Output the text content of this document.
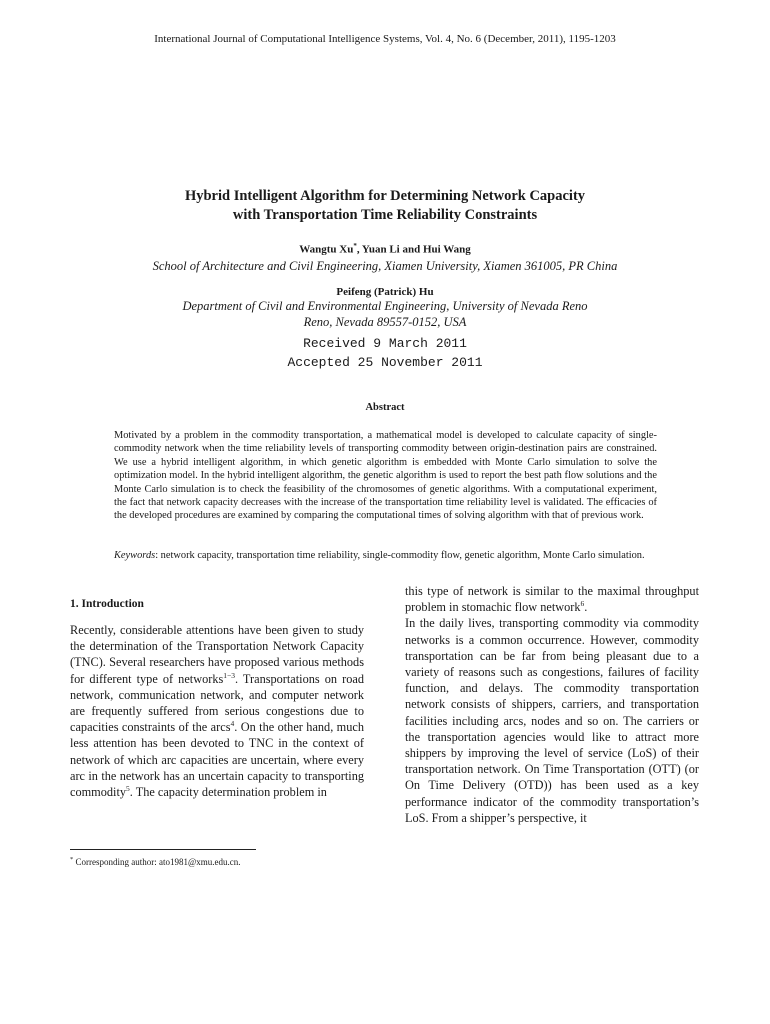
International Journal of Computational Intelligence Systems, Vol. 4, No. 6 (December, 2011), 1195-1203
Hybrid Intelligent Algorithm for Determining Network Capacity
with Transportation Time Reliability Constraints
Wangtu Xu*, Yuan Li and Hui Wang
School of Architecture and Civil Engineering, Xiamen University, Xiamen 361005, PR China
Peifeng (Patrick) Hu
Department of Civil and Environmental Engineering, University of Nevada Reno
Reno, Nevada 89557-0152, USA
Received 9 March 2011
Accepted 25 November 2011
Abstract

Motivated by a problem in the commodity transportation, a mathematical model is developed to calculate capacity of single-commodity network when the time reliability levels of transporting commodity between origin-destination pairs are constrained. We use a hybrid intelligent algorithm, in which genetic algorithm is embedded with Monte Carlo simulation to solve the optimization model. In the hybrid intelligent algorithm, the genetic algorithm is used to report the best path flow solutions and the Monte Carlo simulation is to check the feasibility of the chromosomes of genetic algorithms. With a computational experiment, the fact that network capacity decreases with the increase of the transportation time reliability level is validated. The efficacies of the developed procedures are examined by comparing the computational times of solving algorithm with that of previous work.

Keywords: network capacity, transportation time reliability, single-commodity flow, genetic algorithm, Monte Carlo simulation.

1. Introduction

Recently, considerable attentions have been given to study the determination of the Transportation Network Capacity (TNC). Several researchers have proposed various methods for different type of networks$^{1-3}$. Transportations on road network, communication network, and computer network are frequently suffered from serious congestions due to capacities constraints of the arcs$^4$. On the other hand, much less attention has been devoted to TNC in the context of network of which arc capacities are uncertain, where every arc in the network has an uncertain capacity to transporting commodity$^5$. The capacity determination problem in

this type of network is similar to the maximal throughput problem in stomachic flow network$^6$.

In the daily lives, transporting commodity via commodity networks is a common occurrence. However, commodity transportation can be far from being pleasant due to a variety of reasons such as congestions, failures of facility function, and delays. The commodity transportation network consists of shippers, carriers, and transportation facilities including arcs, nodes and so on. The carriers or the transportation agencies would like to attract more shippers by improving the level of service (LoS) of their transportation network. On Time Transportation (OTT) (or On Time Delivery (OTD)) has been used as a key performance indicator of the commodity transportation’s LoS. From a shipper’s perspective, it

* Corresponding author: ato1981@xmu.edu.cn.
